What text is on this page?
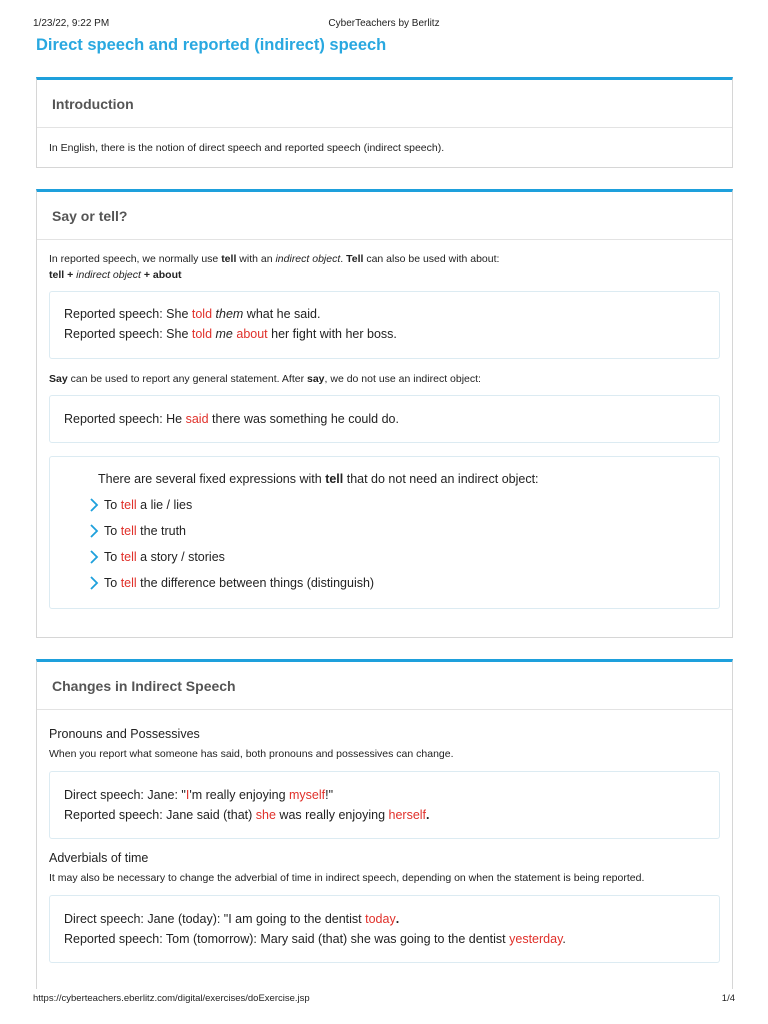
1/23/22, 9:22 PM	CyberTeachers by Berlitz
Direct speech and reported (indirect) speech
Introduction

In English, there is the notion of direct speech and reported speech (indirect speech).

Say or tell?

In reported speech, we normally use tell with an indirect object. Tell can also be used with about:

tell + indirect object + about

Reported speech: She told them what he said.
Reported speech: She told me about her fight with her boss.

Say can be used to report any general statement. After say, we do not use an indirect object:

Reported speech: He said there was something he could do.
There are several fixed expressions with tell that do not need an indirect object:
To
tell a lie / lies
To
tell the truth
To
tell a story / stories
To
tell the difference between things (distinguish)
Changes in Indirect Speech

Pronouns and Possessives

When you report what someone has said, both pronouns and possessives can change.

Direct speech: Jane: "I'm really enjoying myself!"
Reported speech: Jane said (that) she was really enjoying herself.

Adverbials of time

It may also be necessary to change the adverbial of time in indirect speech, depending on when the statement is being reported.

Direct speech: Jane (today): "I am going to the dentist today.
Reported speech: Tom (tomorrow): Mary said (that) she was going to the dentist yesterday.
https://cyberteachers.eberlitz.com/digital/exercises/doExercise.jsp	1/4
